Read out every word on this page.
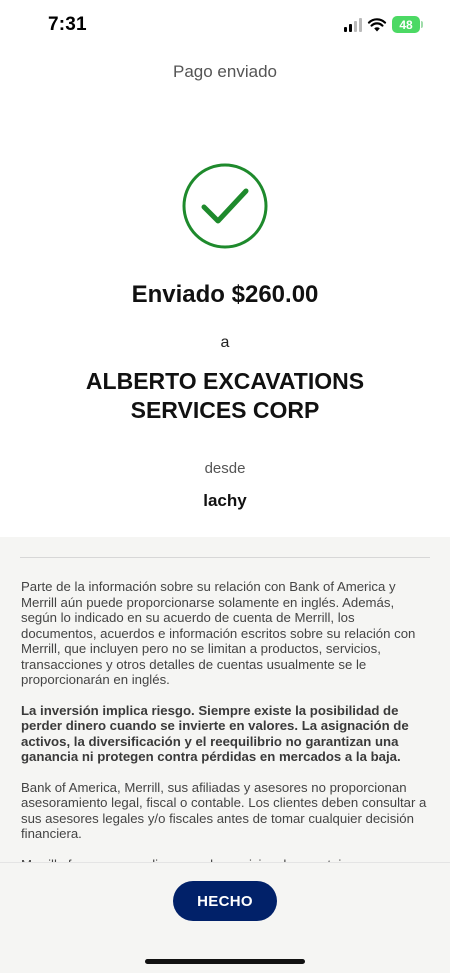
7:31	48
Pago enviado
Enviado $260.00
a
ALBERTO EXCAVATIONS SERVICES CORP
desde
lachy

Parte de la información sobre su relación con Bank of America y Merrill aún puede proporcionarse solamente en inglés. Además, según lo indicado en su acuerdo de cuenta de Merrill, los documentos, acuerdos e información escritos sobre su relación con Merrill, que incluyen pero no se limitan a productos, servicios, transacciones y otros detalles de cuentas usualmente se le proporcionarán en inglés.

La inversión implica riesgo. Siempre existe la posibilidad de perder dinero cuando se invierte en valores. La asignación de activos, la diversificación y el reequilibrio no garantizan una ganancia ni protegen contra pérdidas en mercados a la baja.

Bank of America, Merrill, sus afiliadas y asesores no proporcionan asesoramiento legal, fiscal o contable. Los clientes deben consultar a sus asesores legales y/o fiscales antes de tomar cualquier decisión financiera.

HECHO
